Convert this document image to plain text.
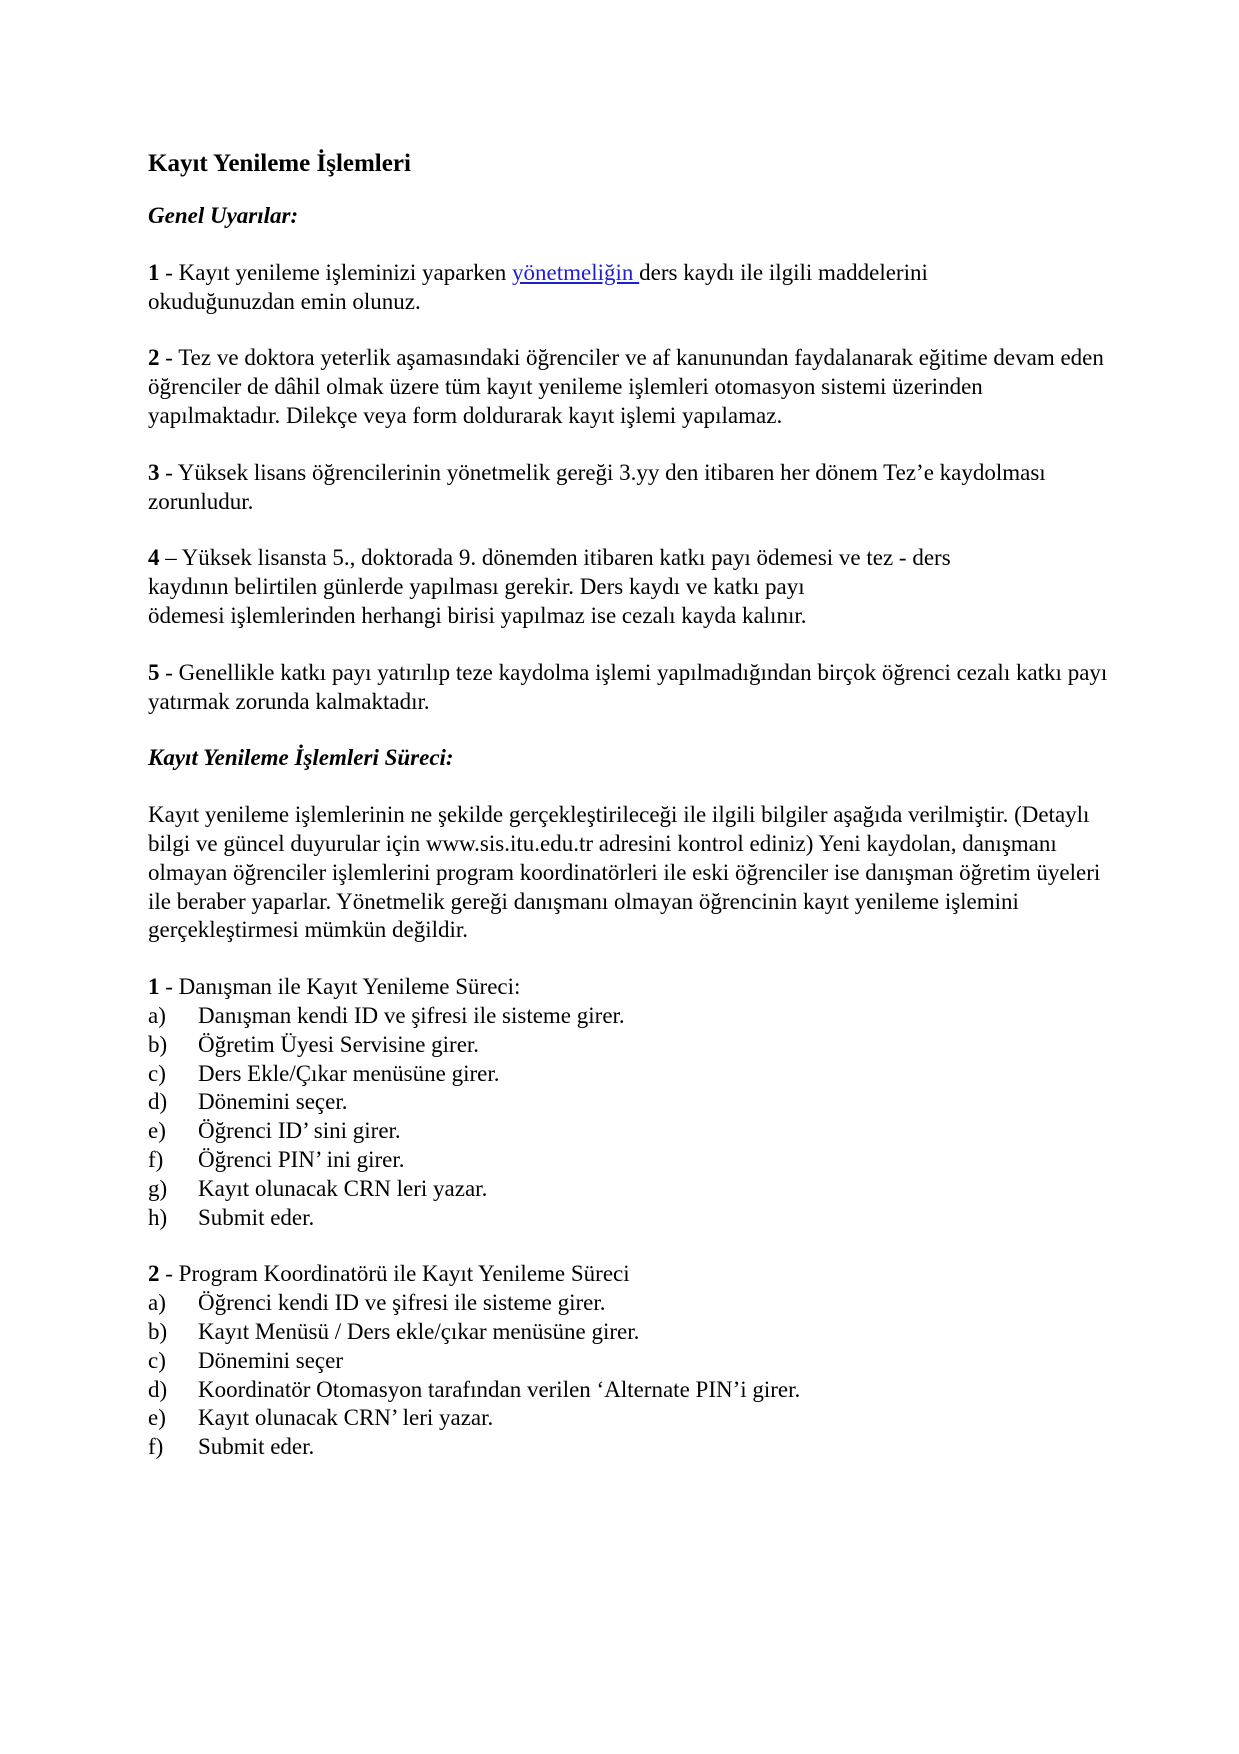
Kayıt Yenileme İşlemleri

Genel Uyarılar:

1 - Kayıt yenileme işleminizi yaparken yönetmeliğin ders kaydı ile ilgili maddelerini okuduğunuzdan emin olunuz.

2 - Tez ve doktora yeterlik aşamasındaki öğrenciler ve af kanunundan faydalanarak eğitime devam eden öğrenciler de dâhil olmak üzere tüm kayıt yenileme işlemleri otomasyon sistemi üzerinden yapılmaktadır. Dilekçe veya form doldurarak kayıt işlemi yapılamaz.

3 - Yüksek lisans öğrencilerinin yönetmelik gereği 3.yy den itibaren her dönem Tez’e kaydolması zorunludur.

4 – Yüksek lisansta 5., doktorada 9. dönemden itibaren katkı payı ödemesi ve tez - ders
kaydının belirtilen günlerde yapılması gerekir. Ders kaydı ve katkı payı
ödemesi işlemlerinden herhangi birisi yapılmaz ise cezalı kayda kalınır.

5 - Genellikle katkı payı yatırılıp teze kaydolma işlemi yapılmadığından birçok öğrenci cezalı katkı payı yatırmak zorunda kalmaktadır.

Kayıt Yenileme İşlemleri Süreci:

Kayıt yenileme işlemlerinin ne şekilde gerçekleştirileceği ile ilgili bilgiler aşağıda verilmiştir. (Detaylı bilgi ve güncel duyurular için www.sis.itu.edu.tr adresini kontrol ediniz) Yeni kaydolan, danışmanı olmayan öğrenciler işlemlerini program koordinatörleri ile eski öğrenciler ise danışman öğretim üyeleri ile beraber yaparlar. Yönetmelik gereği danışmanı olmayan öğrencinin kayıt yenileme işlemini gerçekleştirmesi mümkün değildir.

1 - Danışman ile Kayıt Yenileme Süreci:

a) Danışman kendi ID ve şifresi ile sisteme girer.
b) Öğretim Üyesi Servisine girer.
c) Ders Ekle/Çıkar menüsüne girer.
d) Dönemini seçer.
e) Öğrenci ID’ sini girer.
f) Öğrenci PIN’ ini girer.
g) Kayıt olunacak CRN leri yazar.
h) Submit eder.

2 - Program Koordinatörü ile Kayıt Yenileme Süreci

a) Öğrenci kendi ID ve şifresi ile sisteme girer.
b) Kayıt Menüsü / Ders ekle/çıkar menüsüne girer.
c) Dönemini seçer
d) Koordinatör Otomasyon tarafından verilen ‘Alternate PIN’i girer.
e) Kayıt olunacak CRN’ leri yazar.
f) Submit eder.
